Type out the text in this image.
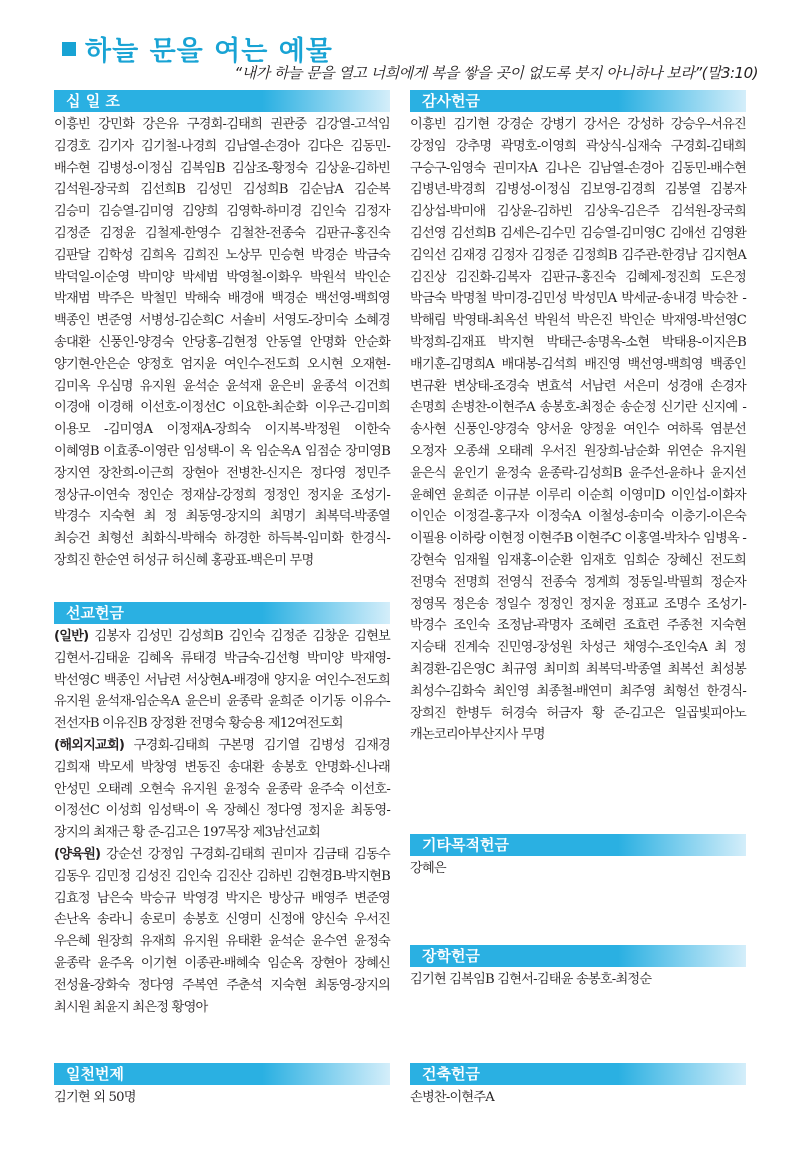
하늘 문을 여는 예물
“내가 하늘 문을 열고 너희에게 복을 쌓을 곳이 없도록 붓지 아니하나 보라”(말3:10)
십 일 조
이흥빈 강민화 강은유 구경회-김태희 권관중 김강열-고석임 김경호 김기자 김기철-나경희 김남열-손경아 김다은 김동민-배수현 김병성-이정심 김복임B 김삼조-황정숙 김상윤-김하빈 김석원-장국희 김선희B 김성민 김성희B 김순남A 김순복 김승미 김승열-김미영 김양희 김영학-하미경 김인숙 김정자 김정준 김정윤 김철제-한영수 김철찬-전종숙 김판규-홍진숙 김판달 김학성 김희옥 김희진 노상무 민승현 박경순 박금숙 박덕일-이순영 박미양 박세범 박영철-이화우 박원석 박인순 박재범 박주은 박철민 박해숙 배경애 백경순 백선영-백희영 백종인 변준영 서병성-김순희C 서솔비 서영도-장미숙 소혜경 송대환 신풍인-양경숙 안당홍-김현정 안동열 안명화 안순화 양기현-안은순 양정호 엄지윤 여인수-전도희 오시현 오재현-김미옥 우심명 유지원 윤석순 윤석재 윤은비 윤종석 이건희 이경애 이경해 이선호-이정선C 이요한-최순화 이우근-김미희 이용모 -김미영A 이정재A-장희숙 이지복-박정원 이한숙 이혜영B 이효종-이영란 임성택-이 옥 임순옥A 임점순 장미영B 장지연 장찬희-이근희 장현아 전병찬-신지은 정다영 정민주 정상규-이연숙 정인순 정재삼-강정희 정정인 정지윤 조성기-박경수 지숙현 최 정 최동영-장지의 최명기 최복덕-박종열 최승건 최형선 최화식-박해숙 하경한 하득복-임미화 한경식-장희진 한순연 허성규 허신혜 홍광표-백은미 무명
선교헌금

(일반) 김봉자 김성민 김성희B 김인숙 김정준 김창운 김현보 김현서-김태윤 김혜옥 류태경 박금숙-김선형 박미양 박재영-박선영C 백종인 서남련 서상현A-배경애 양지윤 여인수-전도희 유지원 윤석재-임순옥A 윤은비 윤종락 윤희준 이기동 이유수-전선자B 이유진B 장정환 전명숙 황승용 제12여전도회

(해외지교회) 구경회-김태희 구본명 김기열 김병성 김재경 김희재 박모세 박창영 변동진 송대환 송봉호 안명화-신나래 안성민 오태례 오현숙 유지원 윤정숙 윤종락 윤주숙 이선호-이정선C 이성희 임성택-이 옥 장혜신 정다영 정지윤 최동영-장지의 최재근 황 준-김고은 197목장 제3남선교회

(양육원) 강순선 강정임 구경회-김태희 권미자 김금태 김동수 김동우 김민정 김성진 김인숙 김진산 김하빈 김현경B-박지현B 김효정 남은숙 박승규 박영경 박지은 방상규 배영주 변준영 손난옥 송라니 송로미 송봉호 신영미 신정애 양신숙 우서진 우은혜 원장희 유재희 유지원 유태환 윤석순 윤수연 윤정숙 윤종락 윤주옥 이기현 이종관-배혜숙 임순옥 장현아 장혜신 전성율-장화숙 정다영 주복연 주춘석 지숙현 최동영-장지의 최시원 최윤지 최은정 황영아

일천번제
김기현 외 50명
감사헌금
이흥빈 김기현 강경순 강병기 강서은 강성하 강승우-서유진 강정임 강추명 곽명호-이영희 곽상식-심재숙 구경회-김태희 구승구-임영숙 권미자A 김나은 김남열-손경아 김동민-배수현 김병년-박경희 김병성-이정심 김보영-김경희 김봉열 김봉자 김상섭-박미애 김상윤-김하빈 김상욱-김은주 김석원-장국희 김선영 김선희B 김세은-김수민 김승열-김미영C 김애선 김영환 김익선 김재경 김정자 김정준 김정희B 김주관-한경남 김지현A 김진상 김진화-김복자 김판규-홍진숙 김혜제-정진희 도은정 박금숙 박명철 박미경-김민성 박성민A 박세균-송내경 박승찬 -박해림 박영태-최옥선 박원석 박은진 박인순 박재영-박선영C 박정희-김재표 박지현 박태근-송명옥-소현 박태용-이지은B 배기훈-김명희A 배대봉-김석희 배진영 백선영-백희영 백종인 변규환 변상태-조경숙 변효석 서남련 서은미 성경애 손경자 손명희 손병찬-이현주A 송봉호-최정순 송순정 신기란 신지예 -송사현 신풍인-양경숙 양서윤 양정윤 여인수 여하록 염분선 오정자 오종쇄 오태례 우서진 원장희-남순화 위연순 유지원 윤은식 윤인기 윤정숙 윤종락-김성희B 윤주선-윤하나 윤지선 윤혜연 윤희준 이규분 이루리 이순희 이영미D 이인섭-이화자 이인순 이정걸-홍구자 이정숙A 이철성-송미숙 이충기-이은숙 이필용 이하랑 이현정 이현주B 이현주C 이홍열-박차수 임병옥 -강현숙 임재월 임재홍-이순환 임재호 임희순 장혜신 전도희 전명숙 전명희 전영식 전종숙 정계희 정동일-박필희 정순자 정영목 정은송 정일수 정정인 정지윤 정표교 조명수 조성기-박경수 조인숙 조정남-곽명자 조혜련 조효련 주종천 지숙현 지승태 진계숙 진민영-장성원 차성근 채영수-조인숙A 최 정 최경환-김은영C 최규영 최미희 최복덕-박종열 최복선 최성봉 최성수-김화숙 최인영 최종철-배연미 최주영 최형선 한경식-장희진 한병두 허경숙 허금자 황 준-김고은 일곱빛피아노 캐논코리아부산지사 무명
기타목적헌금
강혜은
장학헌금
김기현 김복임B 김현서-김태윤 송봉호-최정순
건축헌금
손병찬-이현주A
